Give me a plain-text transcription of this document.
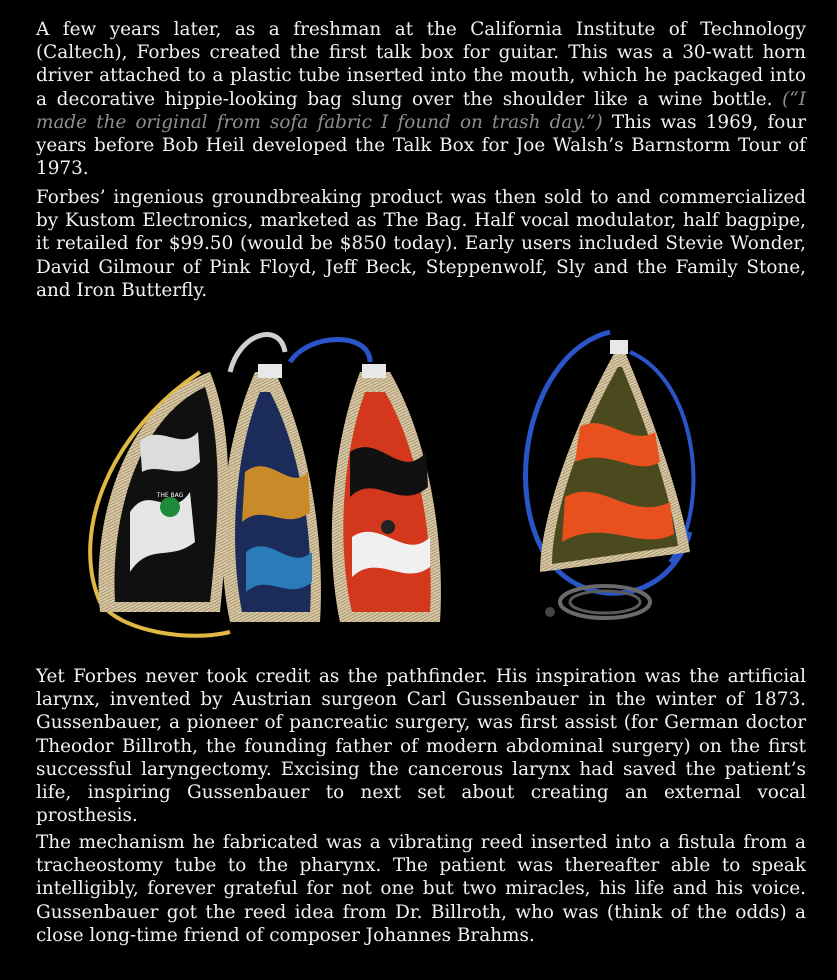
A few years later, as a freshman at the California Institute of Technology (Caltech), Forbes created the first talk box for guitar. This was a 30-watt horn driver attached to a plastic tube inserted into the mouth, which he packaged into a decorative hippie-looking bag slung over the shoulder like a wine bottle. (“I made the original from sofa fabric I found on trash day.”) This was 1969, four years before Bob Heil developed the Talk Box for Joe Walsh’s Barnstorm Tour of 1973.

Forbes’ ingenious groundbreaking product was then sold to and commercialized by Kustom Electronics, marketed as The Bag. Half vocal modulator, half bagpipe, it retailed for $99.50 (would be $850 today). Early users included Stevie Wonder, David Gilmour of Pink Floyd, Jeff Beck, Steppenwolf, Sly and the Family Stone, and Iron Butterfly.

THE BAG

Yet Forbes never took credit as the pathfinder. His inspiration was the artificial larynx, invented by Austrian surgeon Carl Gussenbauer in the winter of 1873. Gussenbauer, a pioneer of pancreatic surgery, was first assist (for German doctor Theodor Billroth, the founding father of modern abdominal surgery) on the first successful laryngectomy. Excising the cancerous larynx had saved the patient’s life, inspiring Gussenbauer to next set about creating an external vocal prosthesis.

The mechanism he fabricated was a vibrating reed inserted into a fistula from a tracheostomy tube to the pharynx. The patient was thereafter able to speak intelligibly, forever grateful for not one but two miracles, his life and his voice. Gussenbauer got the reed idea from Dr. Billroth, who was (think of the odds) a close long-time friend of composer Johannes Brahms.
